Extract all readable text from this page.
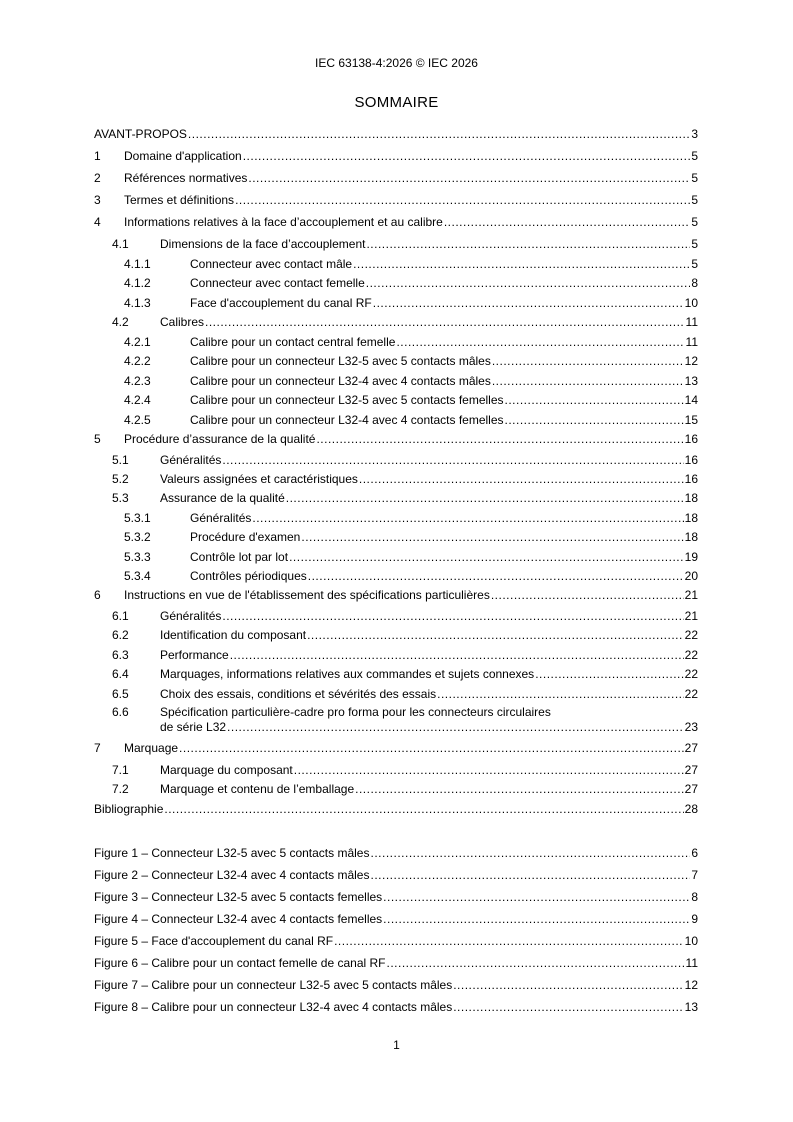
IEC 63138-4:2026 © IEC 2026
SOMMAIRE
AVANT-PROPOS .....	3
1 Domaine d'application .....	5
2 Références normatives .....	5
3 Termes et définitions .....	5
4 Informations relatives à la face d’accouplement et au calibre .....	5
4.1	Dimensions de la face d’accouplement .....	5
4.1.1	Connecteur avec contact mâle .....	5
4.1.2	Connecteur avec contact femelle .....	8
4.1.3	Face d'accouplement du canal RF .....	10
4.2	Calibres .....	11
4.2.1	Calibre pour un contact central femelle .....	11
4.2.2	Calibre pour un connecteur L32-5 avec 5 contacts mâles .....	12
4.2.3	Calibre pour un connecteur L32-4 avec 4 contacts mâles .....	13
4.2.4	Calibre pour un connecteur L32-5 avec 5 contacts femelles .....	14
4.2.5	Calibre pour un connecteur L32-4 avec 4 contacts femelles .....	15
5 Procédure d’assurance de la qualité .....	16
5.1	Généralités .....	16
5.2	Valeurs assignées et caractéristiques .....	16
5.3	Assurance de la qualité .....	18
5.3.1	Généralités .....	18
5.3.2	Procédure d'examen .....	18
5.3.3	Contrôle lot par lot .....	19
5.3.4	Contrôles périodiques .....	20
6 Instructions en vue de l'établissement des spécifications particulières .....	21
6.1	Généralités .....	21
6.2	Identification du composant .....	22
6.3	Performance .....	22
6.4	Marquages, informations relatives aux commandes et sujets connexes .....	22
6.5	Choix des essais, conditions et sévérités des essais .....	22
6.6	Spécification particulière-cadre pro forma pour les connecteurs circulaires
de série L32 .....	23
7 Marquage .....	27
7.1	Marquage du composant .....	27
7.2	Marquage et contenu de l’emballage .....	27
Bibliographie .....	28
Figure 1 – Connecteur L32-5 avec 5 contacts mâles .....	6
Figure 2 – Connecteur L32-4 avec 4 contacts mâles .....	7
Figure 3 – Connecteur L32-5 avec 5 contacts femelles .....	8
Figure 4 – Connecteur L32-4 avec 4 contacts femelles .....	9
Figure 5 – Face d'accouplement du canal RF .....	10
Figure 6 – Calibre pour un contact femelle de canal RF .....	11
Figure 7 – Calibre pour un connecteur L32-5 avec 5 contacts mâles .....	12
Figure 8 – Calibre pour un connecteur L32-4 avec 4 contacts mâles .....	13
1
